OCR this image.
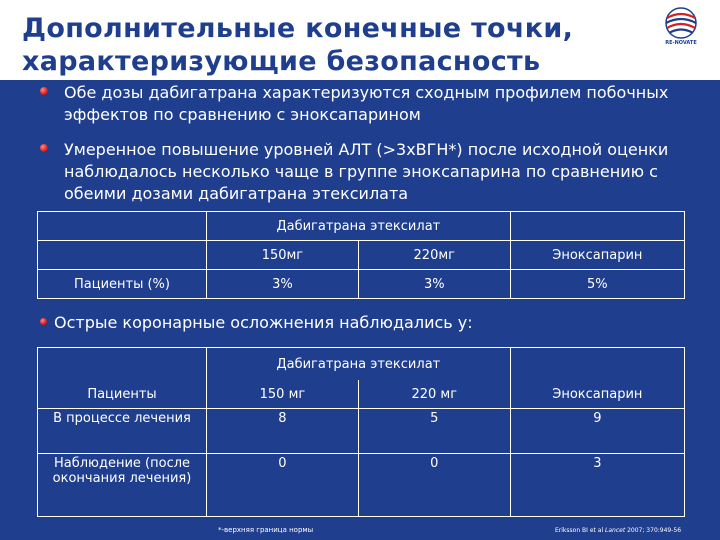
Дополнительные конечные точки,
характеризующие безопасность
RE-NOVATE
Обе дозы дабигатрана характеризуются сходным профилем побочных эффектов по сравнению с эноксапарином
Умеренное повышение уровней АЛТ (>3хВГН*) после исходной оценки наблюдалось несколько чаще в группе эноксапарина по сравнению с обеими дозами дабигатрана этексилата
	Дабигатрана этексилат		
	150мг	220мг	Эноксапарин
Пациенты (%)	3%	3%	5%
Острые коронарные осложнения наблюдались у:
	Дабигатрана этексилат		
Пациенты	150 мг	220 мг	Эноксапарин
В процессе лечения	8	5	9
Наблюдение (после окончания лечения)	0	0	3
*-верхняя граница нормы	Eriksson BI et al Lancet 2007; 370:949-56
